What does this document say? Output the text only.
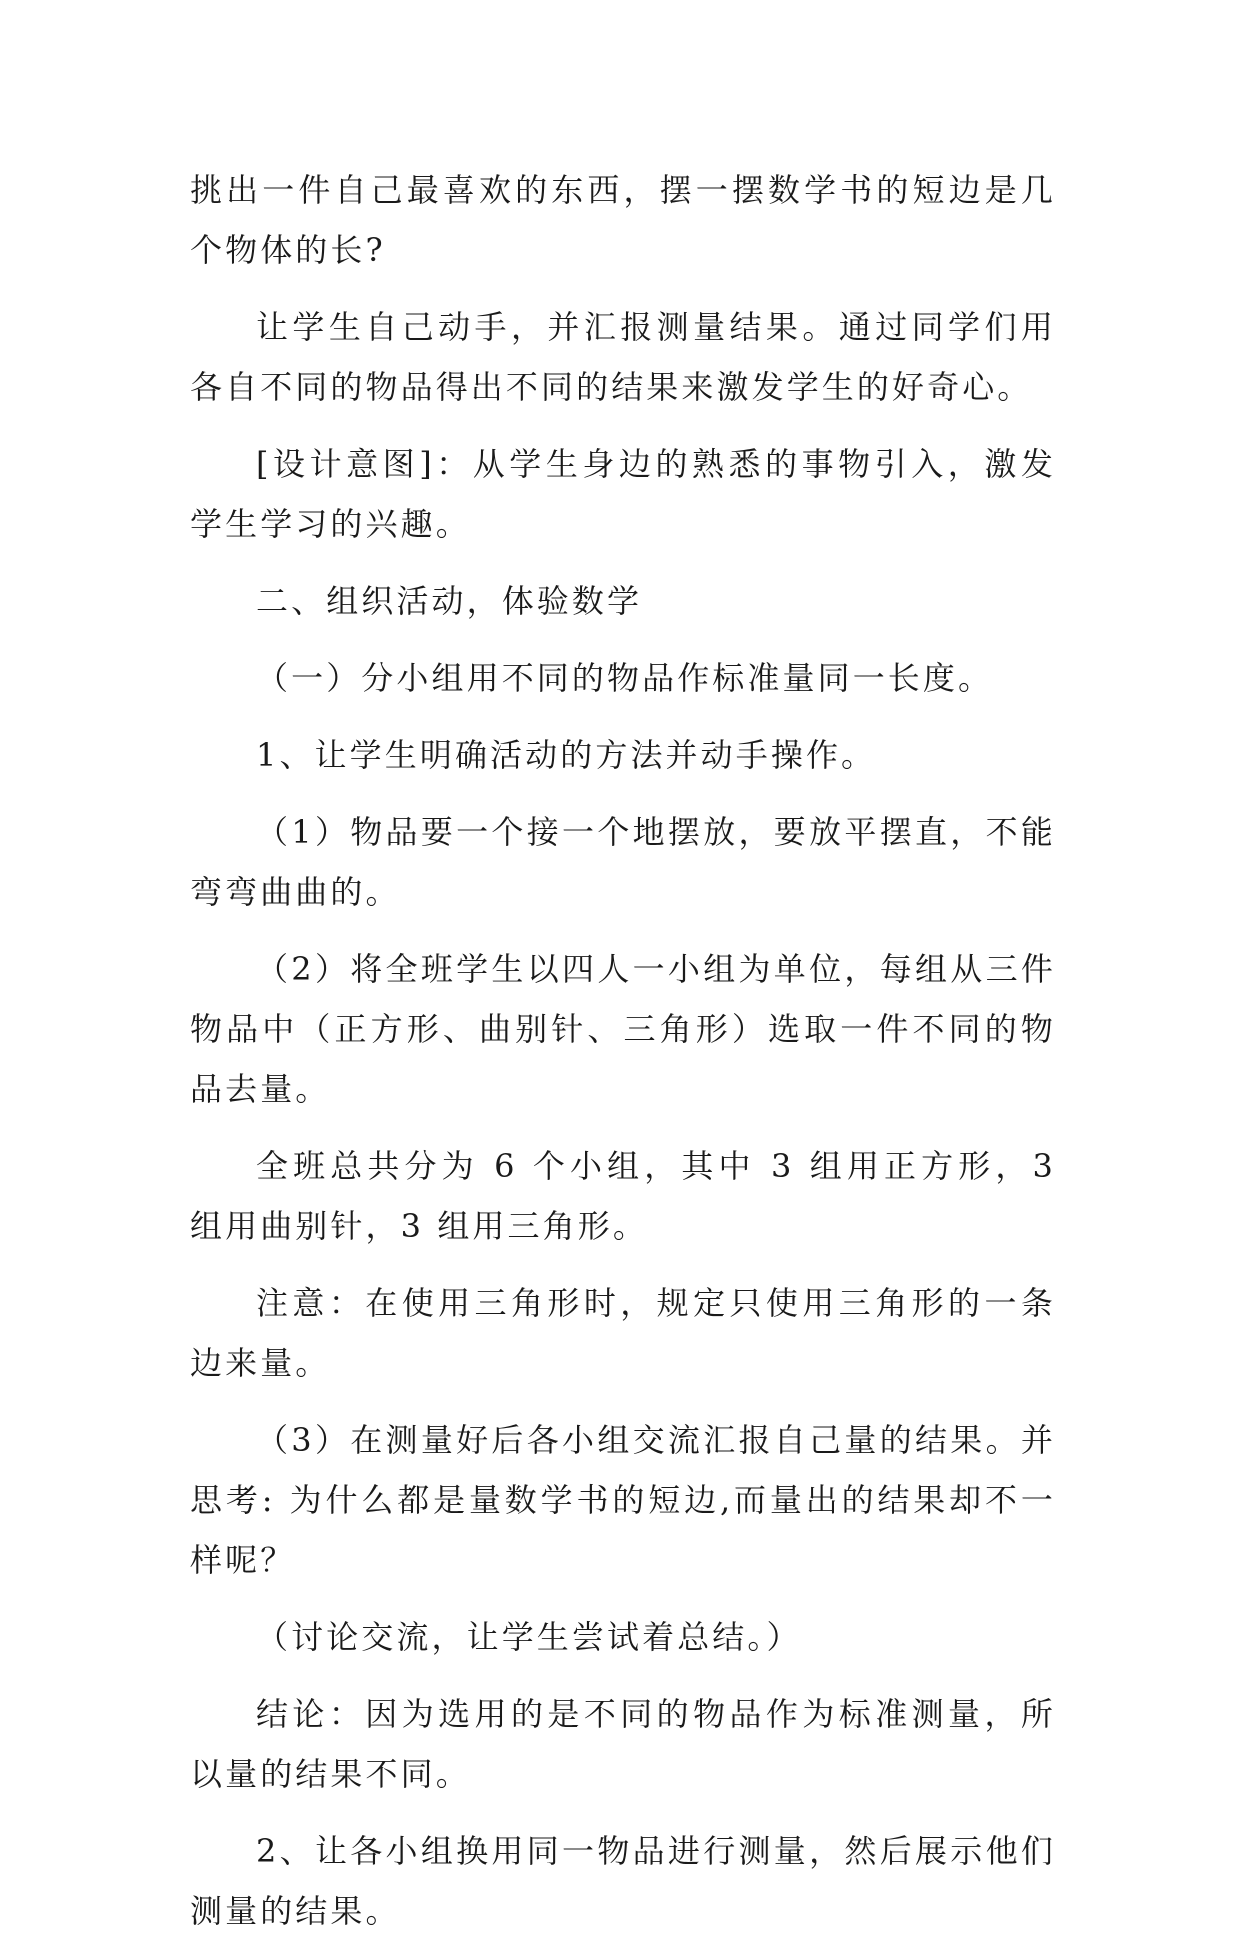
挑出一件自己最喜欢的东西，摆一摆数学书的短边是几个物体的长?

让学生自己动手，并汇报测量结果。通过同学们用各自不同的物品得出不同的结果来激发学生的好奇心。

[设计意图]：从学生身边的熟悉的事物引入，激发学生学习的兴趣。

二、组织活动，体验数学

（一）分小组用不同的物品作标准量同一长度。

1、让学生明确活动的方法并动手操作。

（1）物品要一个接一个地摆放，要放平摆直，不能弯弯曲曲的。

（2）将全班学生以四人一小组为单位，每组从三件物品中（正方形、曲别针、三角形）选取一件不同的物品去量。

全班总共分为 6 个小组，其中 3 组用正方形，3 组用曲别针，3 组用三角形。

注意：在使用三角形时，规定只使用三角形的一条边来量。

（3）在测量好后各小组交流汇报自己量的结果。并思考: 为什么都是量数学书的短边,而量出的结果却不一样呢？

（讨论交流，让学生尝试着总结。）

结论：因为选用的是不同的物品作为标准测量，所以量的结果不同。

2、让各小组换用同一物品进行测量，然后展示他们测量的结果。
